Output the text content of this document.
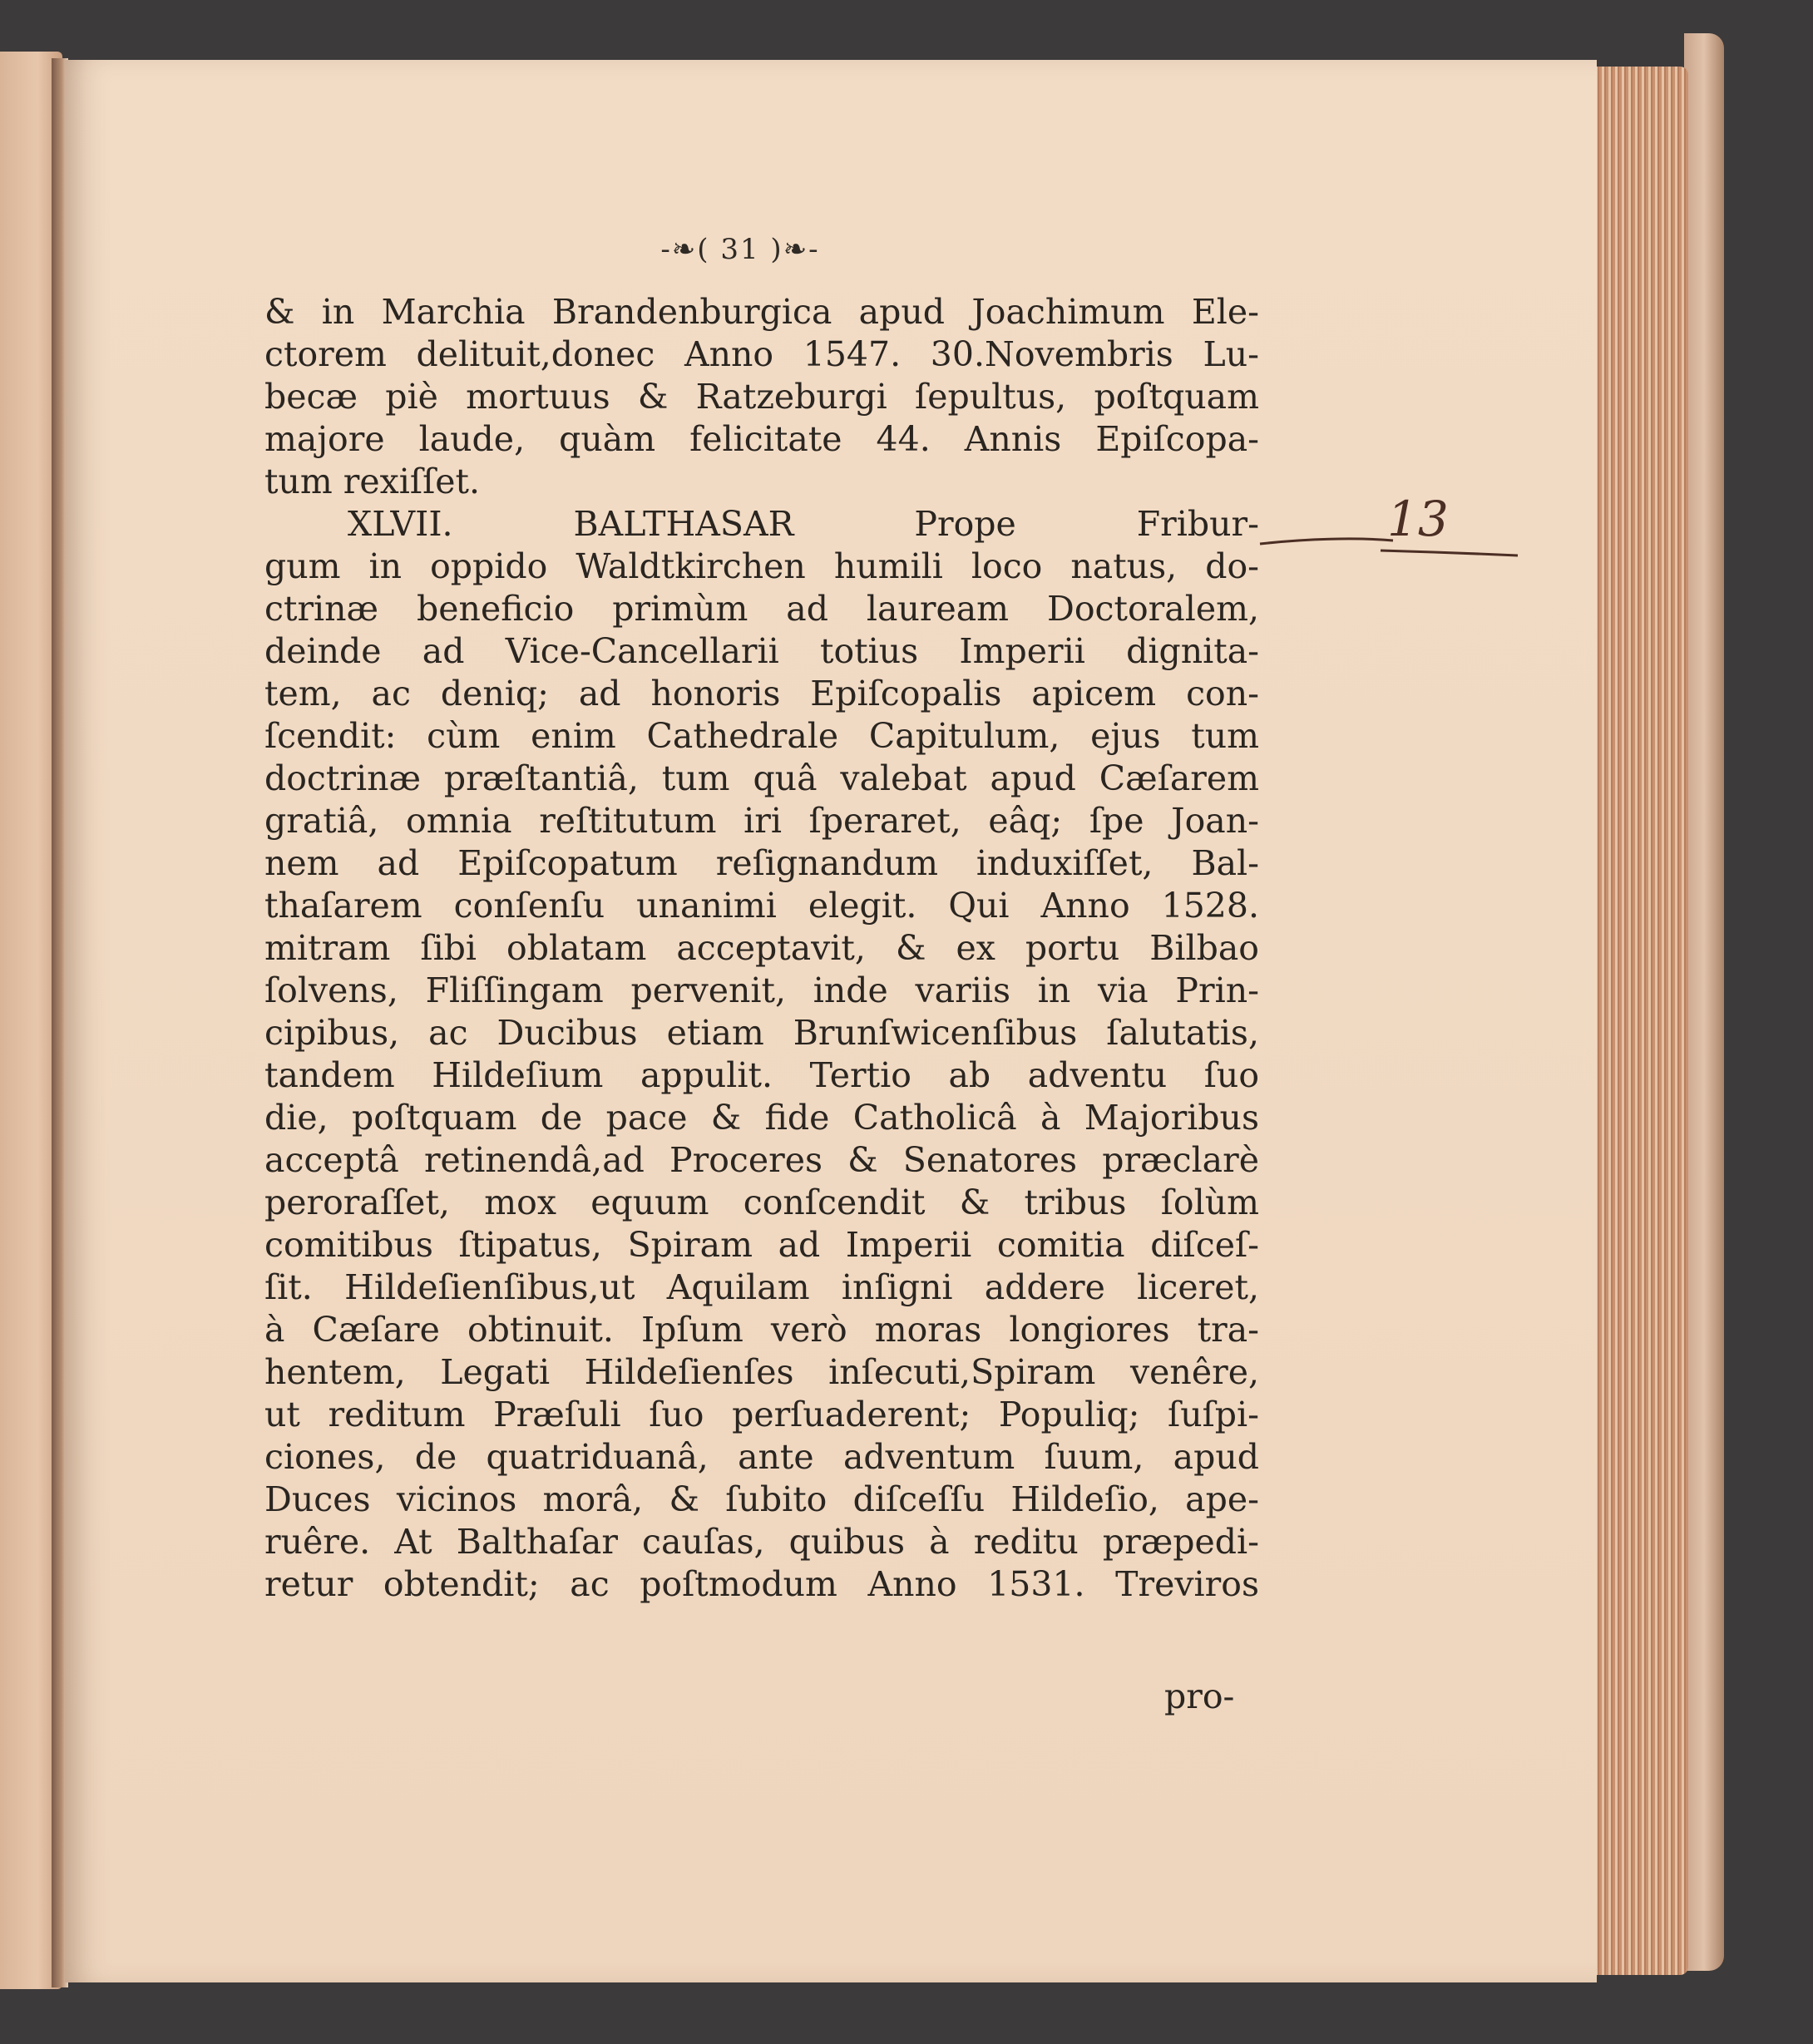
-❧( 31 )❧-
& in Marchia Brandenburgica apud Joachimum Ele-
ctorem delituit,donec Anno 1547. 30.Novembris Lu-
becæ piè mortuus & Ratzeburgi ſepultus, poſtquam
majore laude, quàm felicitate 44. Annis Epiſcopa-
tum rexiſſet.
XLVII. BALTHASAR Prope Fribur-
gum in oppido Waldtkirchen humili loco natus, do-
ctrinæ beneficio primùm ad lauream Doctoralem,
deinde ad Vice-Cancellarii totius Imperii dignita-
tem, ac deniq; ad honoris Epiſcopalis apicem con-
ſcendit: cùm enim Cathedrale Capitulum, ejus tum
doctrinæ præſtantiâ, tum quâ valebat apud Cæſarem
gratiâ, omnia reſtitutum iri ſperaret, eâq; ſpe Joan-
nem ad Epiſcopatum reſignandum induxiſſet, Bal-
thaſarem conſenſu unanimi elegit. Qui Anno 1528.
mitram ſibi oblatam acceptavit, & ex portu Bilbao
ſolvens, Fliſſingam pervenit, inde variis in via Prin-
cipibus, ac Ducibus etiam Brunſwicenſibus ſalutatis,
tandem Hildeſium appulit. Tertio ab adventu ſuo
die, poſtquam de pace & fide Catholicâ à Majoribus
acceptâ retinendâ,ad Proceres & Senatores præclarè
peroraſſet, mox equum conſcendit & tribus ſolùm
comitibus ſtipatus, Spiram ad Imperii comitia diſceſ-
ſit. Hildeſienſibus,ut Aquilam inſigni addere liceret,
à Cæſare obtinuit. Ipſum verò moras longiores tra-
hentem, Legati Hildeſienſes inſecuti,Spiram venêre,
ut reditum Præſuli ſuo perſuaderent; Populiq; ſuſpi-
ciones, de quatriduanâ, ante adventum ſuum, apud
Duces vicinos morâ, & ſubito diſceſſu Hildeſio, ape-
ruêre. At Balthaſar cauſas, quibus à reditu præpedi-
retur obtendit; ac poſtmodum Anno 1531. Treviros
pro-
13
